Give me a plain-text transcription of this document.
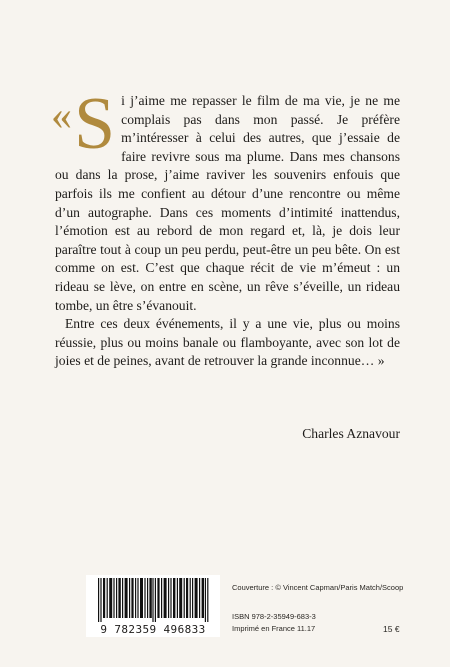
« S i j’aime me repasser le film de ma vie, je ne me complais pas dans mon passé. Je préfère m’intéresser à celui des autres, que j’essaie de faire revivre sous ma plume. Dans mes chansons ou dans la prose, j’aime raviver les souvenirs enfouis que parfois ils me confient au détour d’une rencontre ou même d’un autographe. Dans ces moments d’intimité inattendus, l’émotion est au rebord de mon regard et, là, je dois leur paraître tout à coup un peu perdu, peut-être un peu bête. On est comme on est. C’est que chaque récit de vie m’émeut : un rideau se lève, on entre en scène, un rêve s’éveille, un rideau tombe, un être s’évanouit.

Entre ces deux événements, il y a une vie, plus ou moins réussie, plus ou moins banale ou flamboyante, avec son lot de joies et de peines, avant de retrouver la grande inconnue… »

Charles Aznavour
9 782359 496833
Couverture : © Vincent Capman/Paris Match/Scoop
ISBN 978-2-35949-683-3
Imprimé en France 11.17	15 €
